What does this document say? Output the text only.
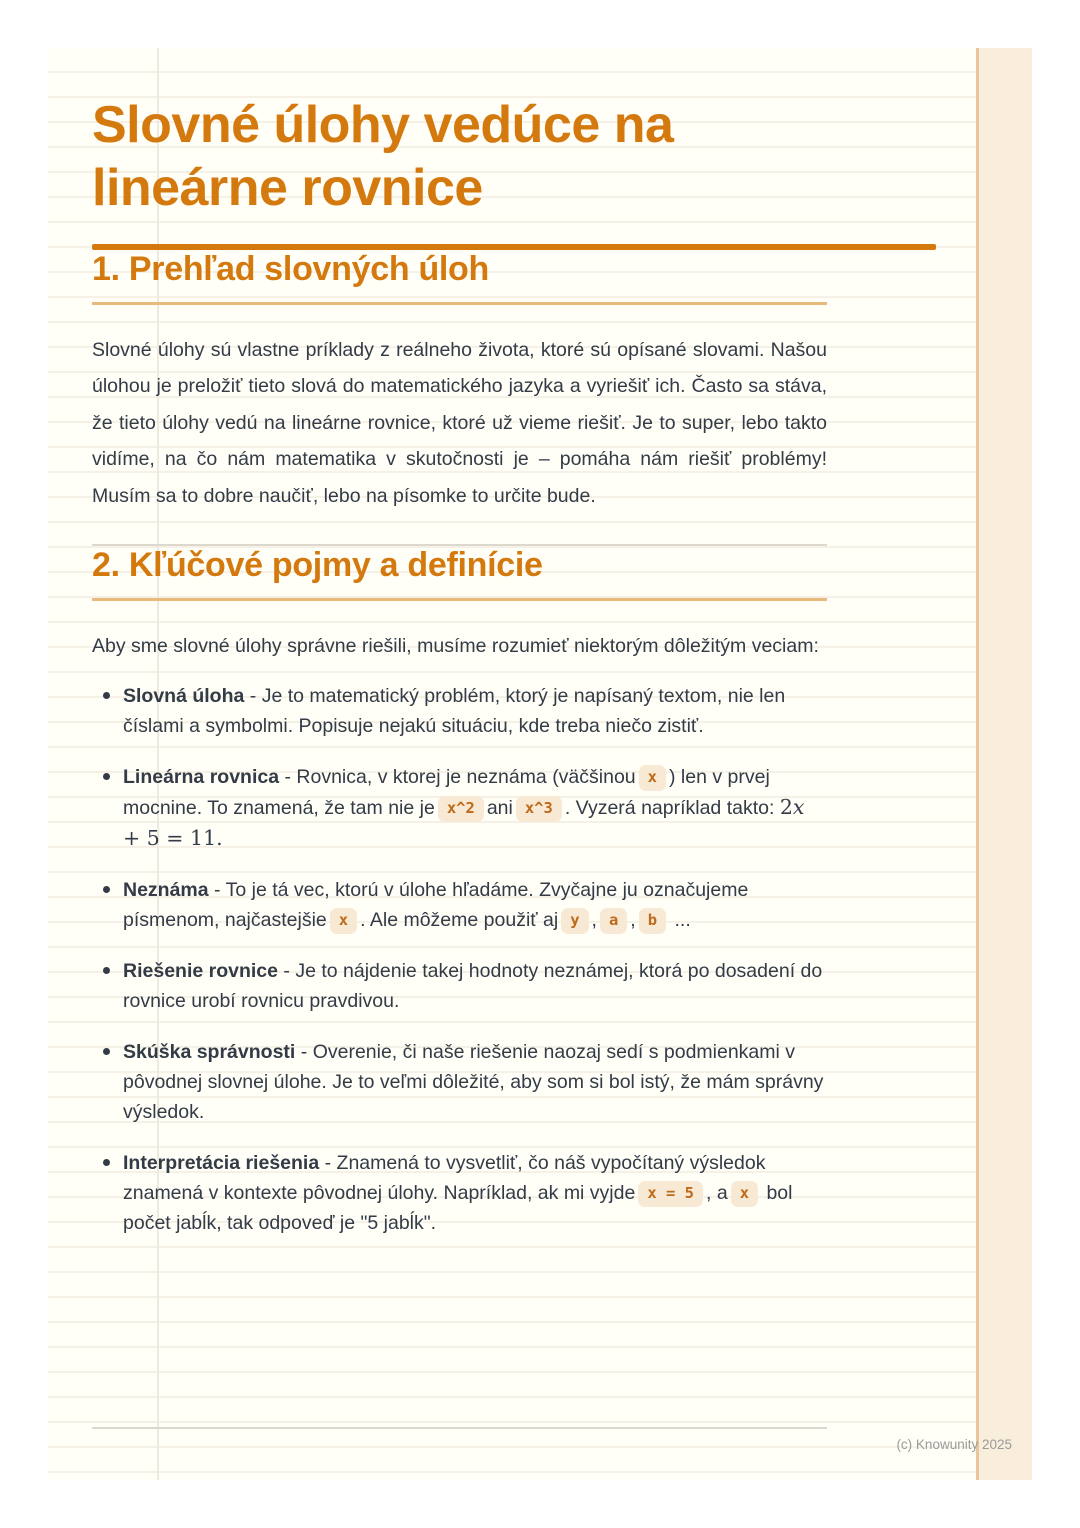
Slovné úlohy vedúce na lineárne rovnice
1. Prehľad slovných úloh

Slovné úlohy sú vlastne príklady z reálneho života, ktoré sú opísané slovami. Našou úlohou je preložiť tieto slová do matematického jazyka a vyriešiť ich. Často sa stáva, že tieto úlohy vedú na lineárne rovnice, ktoré už vieme riešiť. Je to super, lebo takto vidíme, na čo nám matematika v skutočnosti je – pomáha nám riešiť problémy! Musím sa to dobre naučiť, lebo na písomke to určite bude.

2. Kľúčové pojmy a definície

Aby sme slovné úlohy správne riešili, musíme rozumieť niektorým dôležitým veciam:

Slovná úloha - Je to matematický problém, ktorý je napísaný textom, nie len číslami a symbolmi. Popisuje nejakú situáciu, kde treba niečo zistiť.
Lineárna rovnica - Rovnica, v ktorej je neznáma (väčšinou x ) len v prvej mocnine. To znamená, že tam nie je x^2 ani x^3 . Vyzerá napríklad takto: 2x + 5 = 11.
Neznáma - To je tá vec, ktorú v úlohe hľadáme. Zvyčajne ju označujeme písmenom, najčastejšie x . Ale môžeme použiť aj y , a , b ...
Riešenie rovnice - Je to nájdenie takej hodnoty neznámej, ktorá po dosadení do rovnice urobí rovnicu pravdivou.
Skúška správnosti - Overenie, či naše riešenie naozaj sedí s podmienkami v pôvodnej slovnej úlohe. Je to veľmi dôležité, aby som si bol istý, že mám správny výsledok.
Interpretácia riešenia - Znamená to vysvetliť, čo náš vypočítaný výsledok znamená v kontexte pôvodnej úlohy. Napríklad, ak mi vyjde x = 5 , a x bol počet jabĺk, tak odpoveď je "5 jabĺk".
(c) Knowunity 2025
